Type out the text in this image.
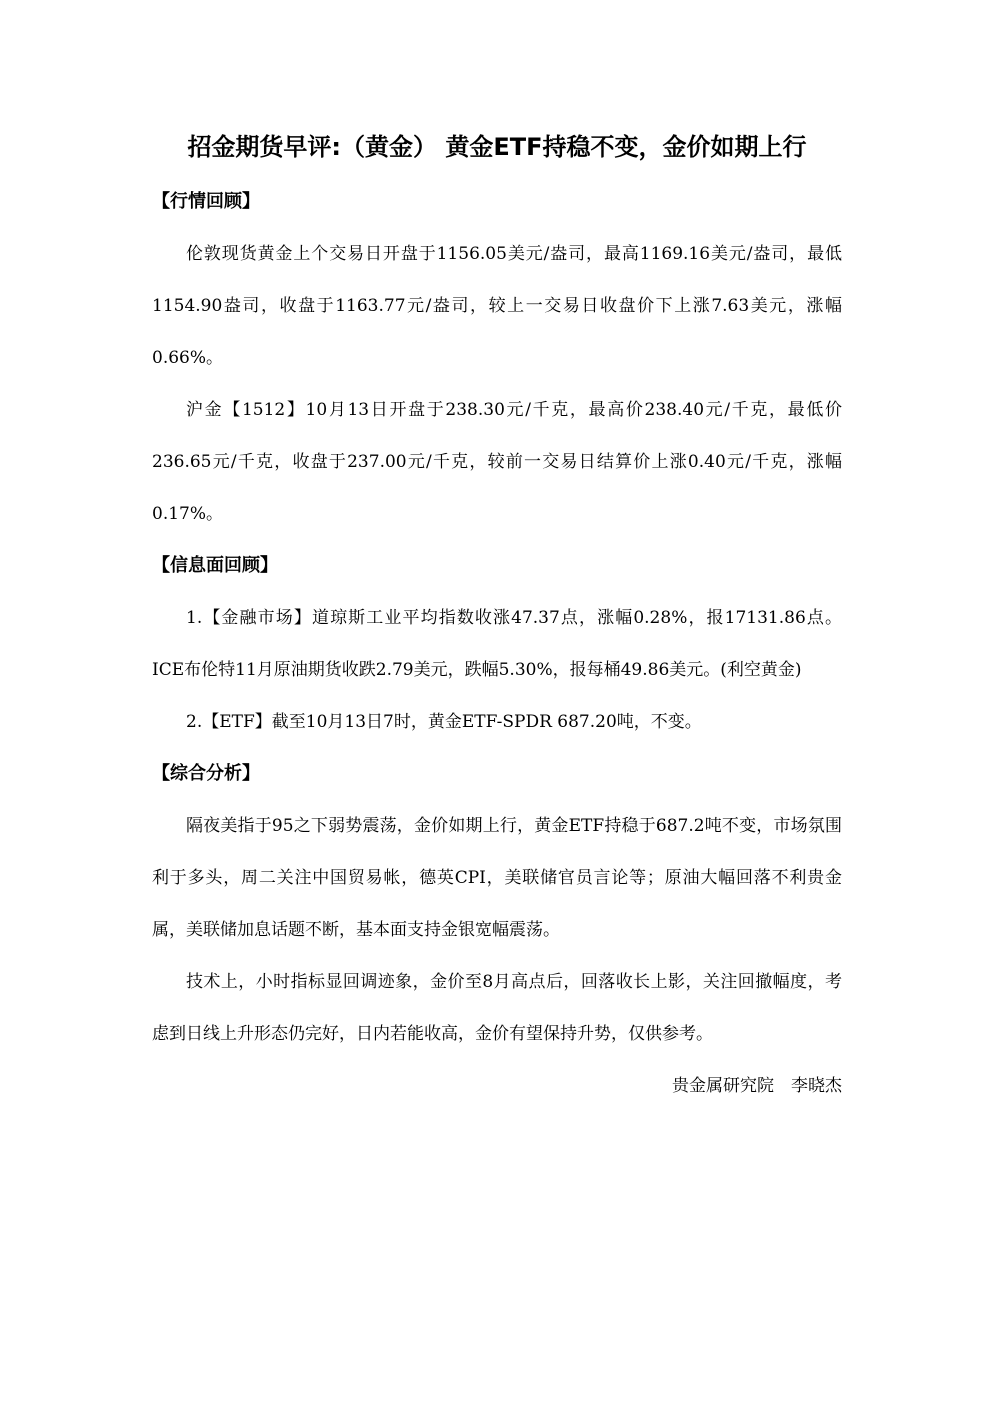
招金期货早评:（黄金） 黄金ETF持稳不变，金价如期上行
【行情回顾】

伦敦现货黄金上个交易日开盘于1156.05美元/盎司，最高1169.16美元/盎司，最低1154.90盎司，收盘于1163.77元/盎司，较上一交易日收盘价下上涨7.63美元，涨幅0.66%。

沪金【1512】10月13日开盘于238.30元/千克，最高价238.40元/千克，最低价236.65元/千克，收盘于237.00元/千克，较前一交易日结算价上涨0.40元/千克，涨幅0.17%。

【信息面回顾】

1.【金融市场】道琼斯工业平均指数收涨47.37点，涨幅0.28%，报17131.86点。ICE布伦特11月原油期货收跌2.79美元，跌幅5.30%，报每桶49.86美元。(利空黄金)

2.【ETF】截至10月13日7时，黄金ETF-SPDR 687.20吨，不变。

【综合分析】

隔夜美指于95之下弱势震荡，金价如期上行，黄金ETF持稳于687.2吨不变，市场氛围利于多头，周二关注中国贸易帐，德英CPI，美联储官员言论等；原油大幅回落不利贵金属，美联储加息话题不断，基本面支持金银宽幅震荡。

技术上，小时指标显回调迹象，金价至8月高点后，回落收长上影，关注回撤幅度，考虑到日线上升形态仍完好，日内若能收高，金价有望保持升势，仅供参考。

贵金属研究院　李晓杰
